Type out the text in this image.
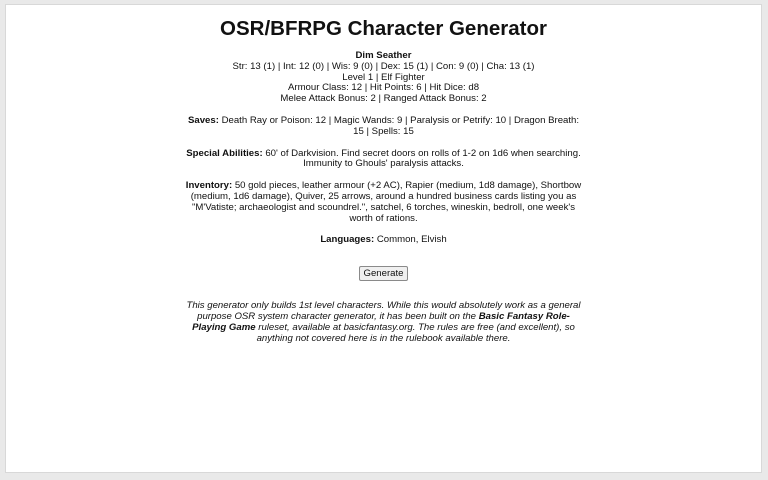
OSR/BFRPG Character Generator

Dim Seather

Str: 13 (1) | Int: 12 (0) | Wis: 9 (0) | Dex: 15 (1) | Con: 9 (0) | Cha: 13 (1)

Level 1 | Elf Fighter

Armour Class: 12 | Hit Points: 6 | Hit Dice: d8

Melee Attack Bonus: 2 | Ranged Attack Bonus: 2

Saves: Death Ray or Poison: 12 | Magic Wands: 9 | Paralysis or Petrify: 10 | Dragon Breath: 15 | Spells: 15

Special Abilities: 60' of Darkvision. Find secret doors on rolls of 1-2 on 1d6 when searching. Immunity to Ghouls' paralysis attacks.

Inventory: 50 gold pieces, leather armour (+2 AC), Rapier (medium, 1d8 damage), Shortbow (medium, 1d6 damage), Quiver, 25 arrows, around a hundred business cards listing you as "M'Vatiste; archaeologist and scoundrel.", satchel, 6 torches, wineskin, bedroll, one week's worth of rations.

Languages: Common, Elvish

Generate

This generator only builds 1st level characters. While this would absolutely work as a general purpose OSR system character generator, it has been built on the Basic Fantasy Role-Playing Game ruleset, available at basicfantasy.org. The rules are free (and excellent), so anything not covered here is in the rulebook available there.
